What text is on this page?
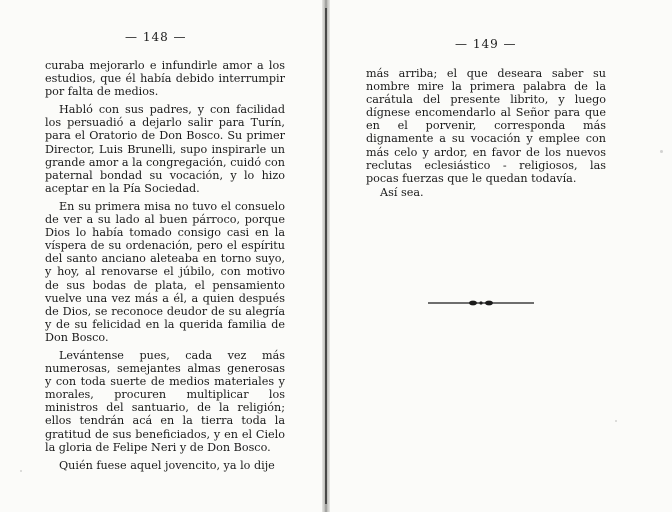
— 148 —

curaba mejorarlo e infundirle amor a los estudios, que él había debido interrumpir por falta de medios.

Habló con sus padres, y con facilidad los persuadió a dejarlo salir para Turín, para el Oratorio de Don Bosco. Su primer Director, Luis Brunelli, supo inspirarle un grande amor a la congregación, cuidó con paternal bondad su vocación, y lo hizo aceptar en la Pía Sociedad.

En su primera misa no tuvo el consuelo de ver a su lado al buen párroco, porque Dios lo había tomado consigo casi en la víspera de su ordenación, pero el espíritu del santo anciano aleteaba en torno suyo, y hoy, al renovarse el júbilo, con motivo de sus bodas de plata, el pensamiento vuelve una vez más a él, a quien después de Dios, se reconoce deudor de su alegría y de su felicidad en la querida familia de Don Bosco.

Levántense pues, cada vez más numerosas, semejantes almas generosas y con toda suerte de medios materiales y morales, procuren multiplicar los ministros del santuario, de la religión; ellos tendrán acá en la tierra toda la gratitud de sus beneficiados, y en el Cielo la gloria de Felipe Neri y de Don Bosco.

Quién fuese aquel jovencito, ya lo dije

— 149 —

más arriba; el que deseara saber su nombre mire la primera palabra de la carátula del presente librito, y luego dígnese encomendarlo al Señor para que en el porvenir, corresponda más dignamente a su vocación y emplee con más celo y ardor, en favor de los nuevos reclutas eclesiástico - religiosos, las pocas fuerzas que le quedan todavía.

Así sea.
